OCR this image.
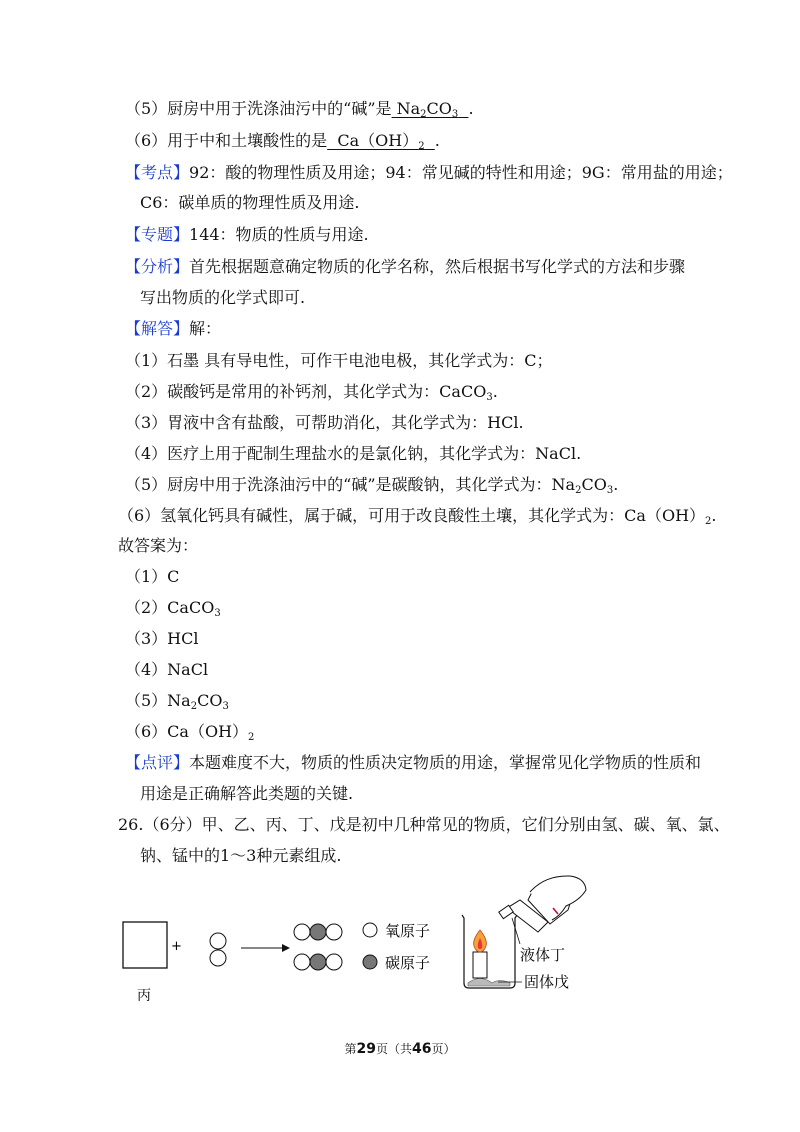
（5）厨房中用于洗涤油污中的“碱”是 $Na_2CO_3$ .
（6）用于中和土壤酸性的是  $Ca(OH)_2$ .
【考点】92：酸的物理性质及用途；94：常见碱的特性和用途；9G：常用盐的用途；
C6：碳单质的物理性质及用途.
【专题】144：物质的性质与用途.
【分析】首先根据题意确定物质的化学名称，然后根据书写化学式的方法和步骤
写出物质的化学式即可.
【解答】解：
（1）石墨 具有导电性，可作干电池电极，其化学式为：C；
（2）碳酸钙是常用的补钙剂，其化学式为：CaCO$_3$.
（3）胃液中含有盐酸，可帮助消化，其化学式为：HCl.
（4）医疗上用于配制生理盐水的是氯化钠，其化学式为：NaCl.
（5）厨房中用于洗涤油污中的“碱”是碳酸钠，其化学式为：$Na_2CO_3$.
（6）氢氧化钙具有碱性，属于碱，可用于改良酸性土壤，其化学式为：$Ca(OH)_2$.
故答案为：
（1）C
（2）CaCO$_3$
（3）HCl
（4）NaCl
$(5)Na_2CO_3$
$(6)Ca(OH)_2$
【点评】本题难度不大，物质的性质决定物质的用途，掌握常见化学物质的性质和
用途是正确解答此类题的关键.
26.（6分）甲、乙、丙、丁、戊是初中几种常见的物质，它们分别由氢、碳、氧、氯、
钠、锰中的1～3种元素组成.
丙
+
氧原子
碳原子	液体丁
固体戊
第29页（共46页）
